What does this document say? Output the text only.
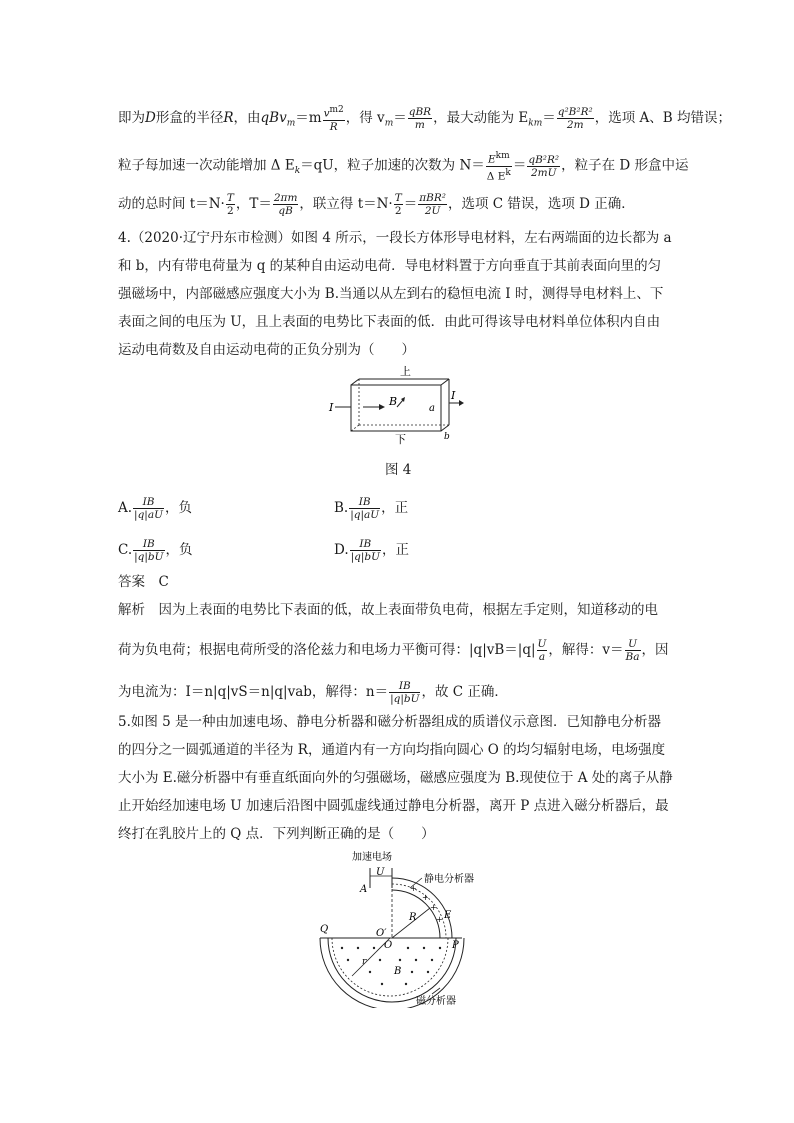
即为D形盒的半径R，由$qBv_m=m \frac{vm2}{R}$ ，得 $v_m= \frac{\text{qBR}}{m}$ ，最大动能为 $E_{km}= \frac{\text{q²B²R²}}{2m}$ ，选项 A、B 均错误；
粒子每加速一次动能增加 Δ $E_k=qU$，粒子加速的次数为 $N= \frac{\text{Ekm}}{\text{Δ Ek}} = \frac{\text{qB²R²}}{2mU}$ ，粒子在 D 形盒中运
动的总时间 $t=N\cdot \frac{T}{2}$ ，$T= \frac{2\pi m}{qB}$ ，联立得 $t=N\cdot \frac{T}{2} = \frac{\text{πBR²}}{2U}$ ，选项 C 错误，选项 D 正确．
4.（2020·辽宁丹东市检测）如图 4 所示，一段长方体形导电材料，左右两端面的边长都为 a
和 b，内有带电荷量为 q 的某种自由运动电荷．导电材料置于方向垂直于其前表面向里的匀
强磁场中，内部磁感应强度大小为 B.当通以从左到右的稳恒电流 I 时，测得导电材料上、下
表面之间的电压为 U，且上表面的电势比下表面的低．由此可得该导电材料单位体积内自由
运动电荷数及自由运动电荷的正负分别为（　　）
上
I	B
a
I
b
下
图 4
A. $\frac{IB}{|q|aU}$ ，负	B. $\frac{IB}{|q|aU}$ ，正
C. $\frac{IB}{|q|bU}$ ，负	D. $\frac{IB}{|q|bU}$ ，正
答案　C
解析　因为上表面的电势比下表面的低，故上表面带负电荷，根据左手定则，知道移动的电
荷为负电荷；根据电荷所受的洛伦兹力和电场力平衡可得：$|q|vB=|q| \frac{U}{a}$ ，解得：$v= \frac{U}{Ba}$ ，因
为电流为：I＝n|q|vS＝n|q|vab，解得：$n= \frac{IB}{|q|bU}$ ，故 C 正确．
5.如图 5 是一种由加速电场、静电分析器和磁分析器组成的质谱仪示意图．已知静电分析器
的四分之一圆弧通道的半径为 R，通道内有一方向均指向圆心 O 的均匀辐射电场，电场强度
大小为 E.磁分析器中有垂直纸面向外的匀强磁场，磁感应强度为 B.现使位于 A 处的离子从静
止开始经加速电场 U 加速后沿图中圆弧虚线通过静电分析器，离开 P 点进入磁分析器后，最
终打在乳胶片上的 Q 点．下列判断正确的是（　　）
加速电场
U
A
静电分析器
+
+
+
+ E
R
Q	O′
O	P
r
B
磁分析器
